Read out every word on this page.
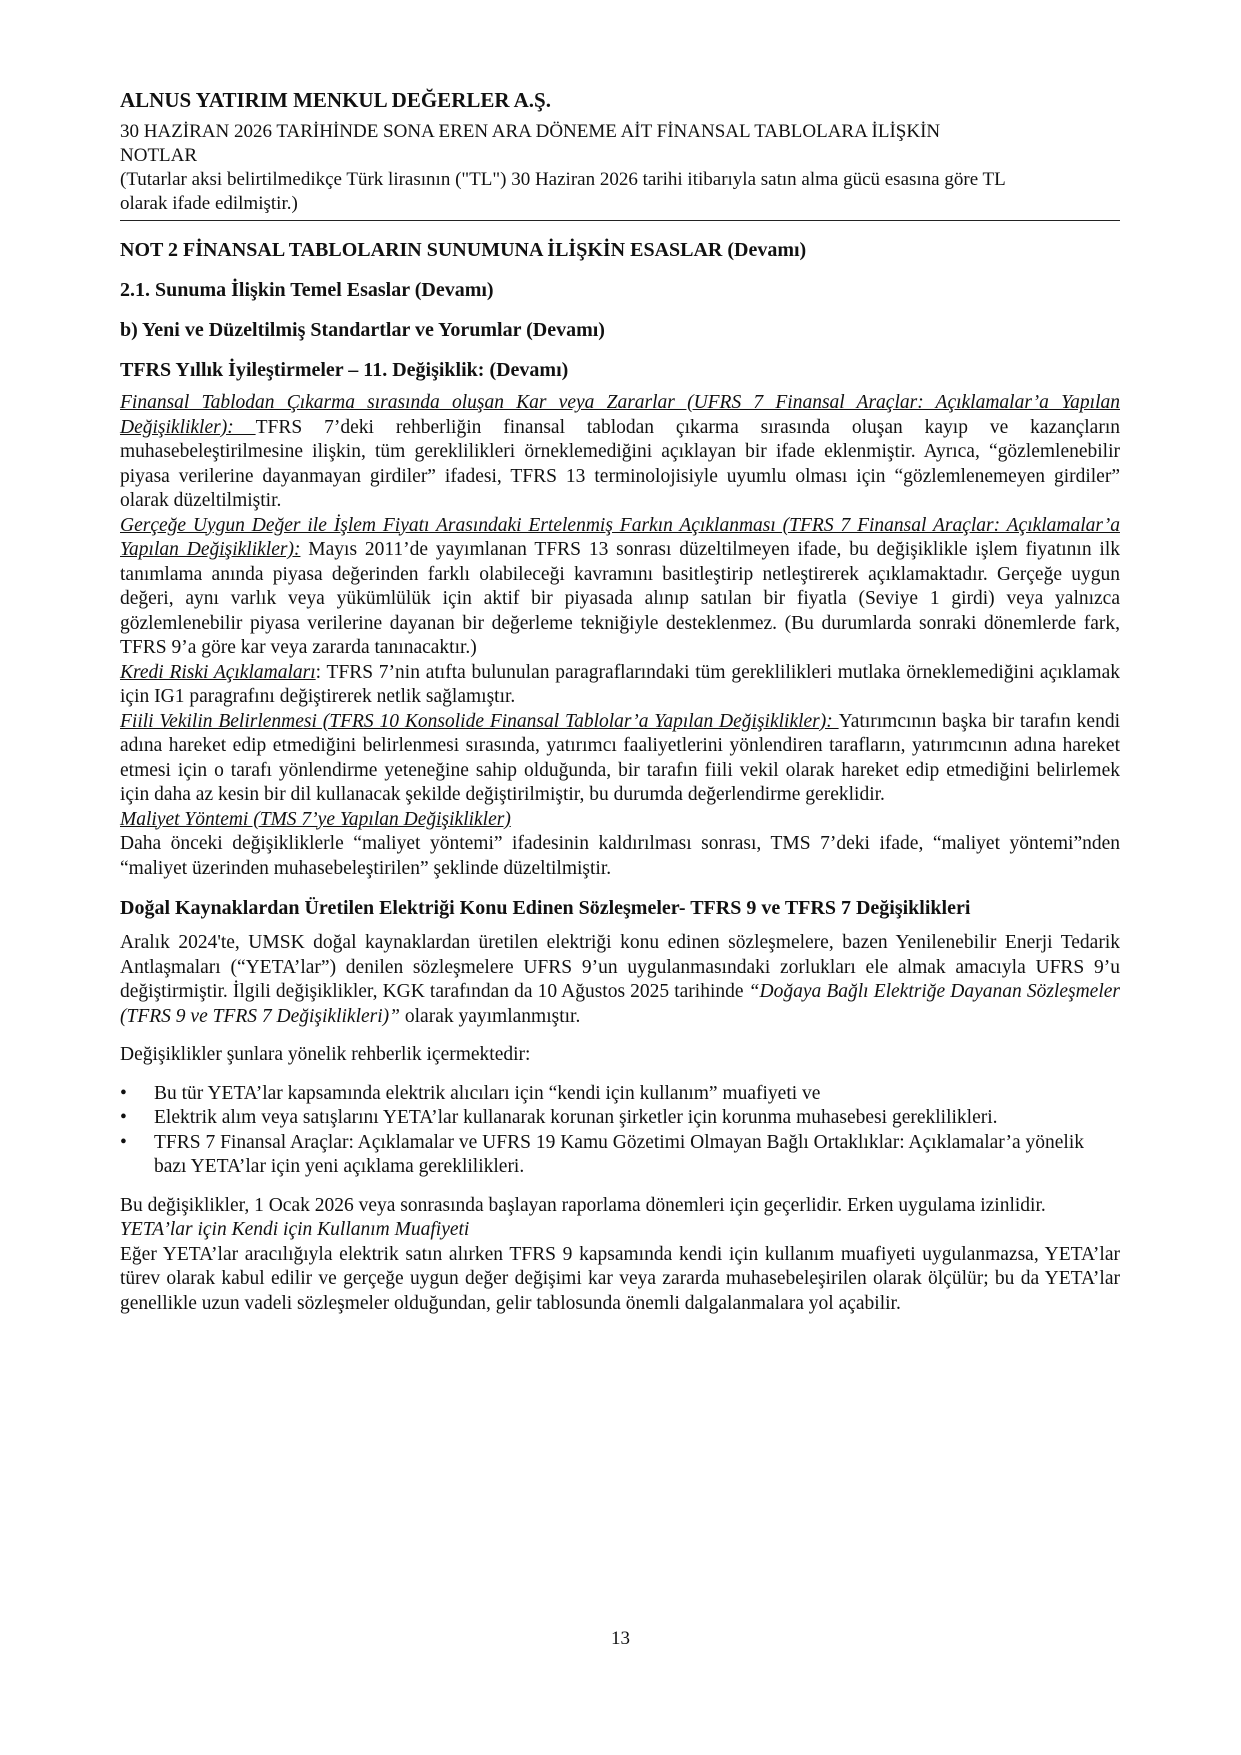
ALNUS YATIRIM MENKUL DEĞERLER A.Ş.

30 HAZİRAN 2026 TARİHİNDE SONA EREN ARA DÖNEME AİT FİNANSAL TABLOLARA İLİŞKİN

NOTLAR

(Tutarlar aksi belirtilmedikçe Türk lirasının ("TL") 30 Haziran 2026 tarihi itibarıyla satın alma gücü esasına göre TL

olarak ifade edilmiştir.)

NOT 2 FİNANSAL TABLOLARIN SUNUMUNA İLİŞKİN ESASLAR (Devamı)

2.1. Sunuma İlişkin Temel Esaslar (Devamı)

b) Yeni ve Düzeltilmiş Standartlar ve Yorumlar (Devamı)

TFRS Yıllık İyileştirmeler – 11. Değişiklik: (Devamı)

Finansal Tablodan Çıkarma sırasında oluşan Kar veya Zararlar (UFRS 7 Finansal Araçlar: Açıklamalar’a Yapılan Değişiklikler): TFRS 7’deki rehberliğin finansal tablodan çıkarma sırasında oluşan kayıp ve kazançların muhasebeleştirilmesine ilişkin, tüm gereklilikleri örneklemediğini açıklayan bir ifade eklenmiştir. Ayrıca, “gözlemlenebilir piyasa verilerine dayanmayan girdiler” ifadesi, TFRS 13 terminolojisiyle uyumlu olması için “gözlemlenemeyen girdiler” olarak düzeltilmiştir.

Gerçeğe Uygun Değer ile İşlem Fiyatı Arasındaki Ertelenmiş Farkın Açıklanması (TFRS 7 Finansal Araçlar: Açıklamalar’a Yapılan Değişiklikler): Mayıs 2011’de yayımlanan TFRS 13 sonrası düzeltilmeyen ifade, bu değişiklikle işlem fiyatının ilk tanımlama anında piyasa değerinden farklı olabileceği kavramını basitleştirip netleştirerek açıklamaktadır. Gerçeğe uygun değeri, aynı varlık veya yükümlülük için aktif bir piyasada alınıp satılan bir fiyatla (Seviye 1 girdi) veya yalnızca gözlemlenebilir piyasa verilerine dayanan bir değerleme tekniğiyle desteklenmez. (Bu durumlarda sonraki dönemlerde fark, TFRS 9’a göre kar veya zararda tanınacaktır.)

Kredi Riski Açıklamaları: TFRS 7’nin atıfta bulunulan paragraflarındaki tüm gereklilikleri mutlaka örneklemediğini açıklamak için IG1 paragrafını değiştirerek netlik sağlamıştır.

Fiili Vekilin Belirlenmesi (TFRS 10 Konsolide Finansal Tablolar’a Yapılan Değişiklikler): Yatırımcının başka bir tarafın kendi adına hareket edip etmediğini belirlenmesi sırasında, yatırımcı faaliyetlerini yönlendiren tarafların, yatırımcının adına hareket etmesi için o tarafı yönlendirme yeteneğine sahip olduğunda, bir tarafın fiili vekil olarak hareket edip etmediğini belirlemek için daha az kesin bir dil kullanacak şekilde değiştirilmiştir, bu durumda değerlendirme gereklidir.

Maliyet Yöntemi (TMS 7’ye Yapılan Değişiklikler)

Daha önceki değişikliklerle “maliyet yöntemi” ifadesinin kaldırılması sonrası, TMS 7’deki ifade, “maliyet yöntemi”nden “maliyet üzerinden muhasebeleştirilen” şeklinde düzeltilmiştir.

Doğal Kaynaklardan Üretilen Elektriği Konu Edinen Sözleşmeler- TFRS 9 ve TFRS 7 Değişiklikleri

Aralık 2024'te, UMSK doğal kaynaklardan üretilen elektriği konu edinen sözleşmelere, bazen Yenilenebilir Enerji Tedarik Antlaşmaları (“YETA’lar”) denilen sözleşmelere UFRS 9’un uygulanmasındaki zorlukları ele almak amacıyla UFRS 9’u değiştirmiştir. İlgili değişiklikler, KGK tarafından da 10 Ağustos 2025 tarihinde “Doğaya Bağlı Elektriğe Dayanan Sözleşmeler (TFRS 9 ve TFRS 7 Değişiklikleri)” olarak yayımlanmıştır.

Değişiklikler şunlara yönelik rehberlik içermektedir:

•	Bu tür YETA’lar kapsamında elektrik alıcıları için “kendi için kullanım” muafiyeti ve
•	Elektrik alım veya satışlarını YETA’lar kullanarak korunan şirketler için korunma muhasebesi gereklilikleri.
•	TFRS 7 Finansal Araçlar: Açıklamalar ve UFRS 19 Kamu Gözetimi Olmayan Bağlı Ortaklıklar: Açıklamalar’a yönelik bazı YETA’lar için yeni açıklama gereklilikleri.

Bu değişiklikler, 1 Ocak 2026 veya sonrasında başlayan raporlama dönemleri için geçerlidir. Erken uygulama izinlidir.

YETA’lar için Kendi için Kullanım Muafiyeti

Eğer YETA’lar aracılığıyla elektrik satın alırken TFRS 9 kapsamında kendi için kullanım muafiyeti uygulanmazsa, YETA’lar türev olarak kabul edilir ve gerçeğe uygun değer değişimi kar veya zararda muhasebeleşirilen olarak ölçülür; bu da YETA’lar genellikle uzun vadeli sözleşmeler olduğundan, gelir tablosunda önemli dalgalanmalara yol açabilir.

13
